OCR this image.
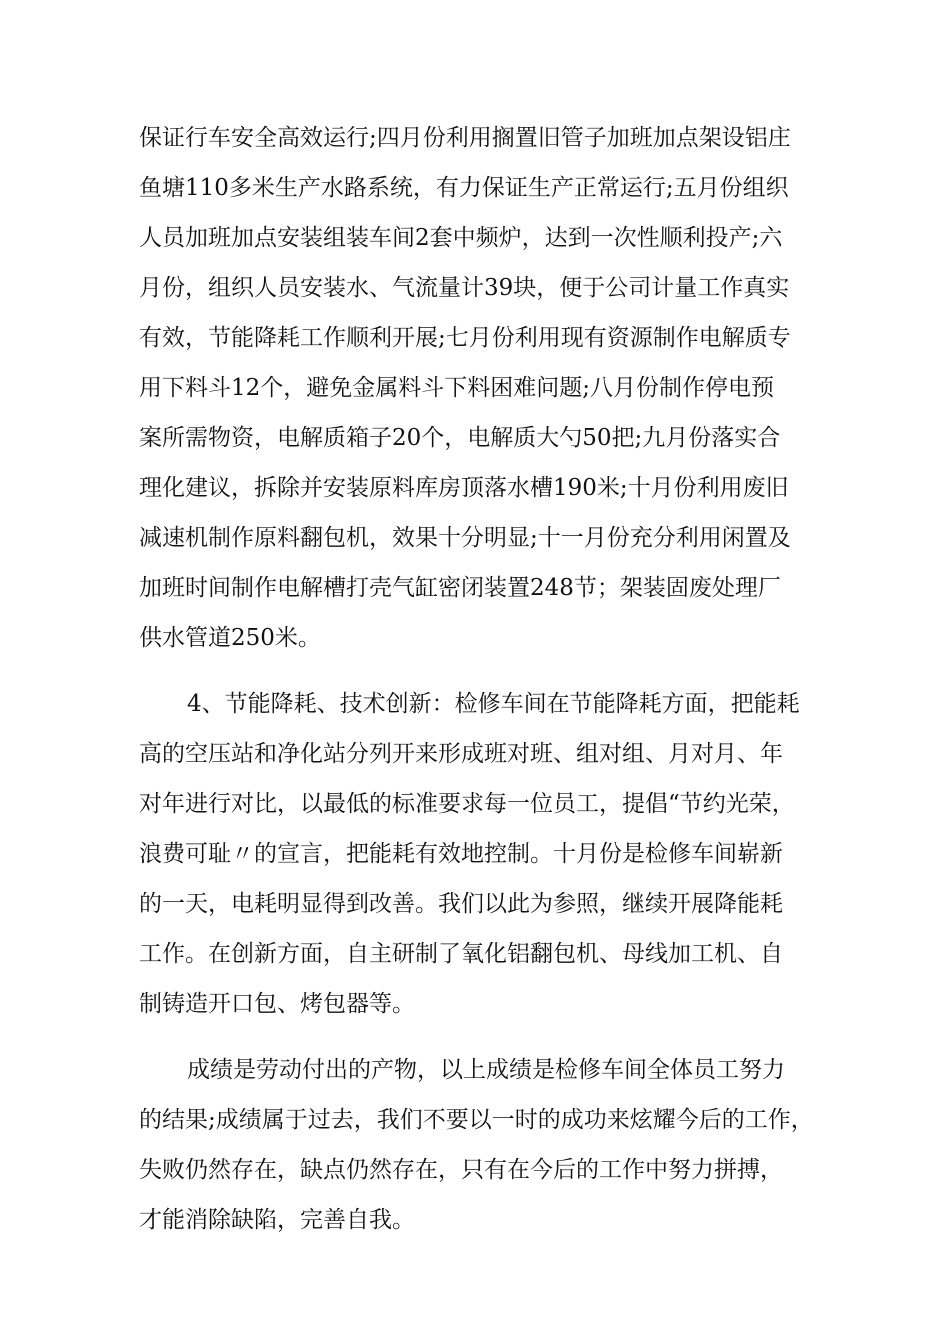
保证行车安全高效运行;四月份利用搁置旧管子加班加点架设铝庄
鱼塘110多米生产水路系统，有力保证生产正常运行;五月份组织
人员加班加点安装组装车间2套中频炉，达到一次性顺利投产;六
月份，组织人员安装水、气流量计39块，便于公司计量工作真实
有效，节能降耗工作顺利开展;七月份利用现有资源制作电解质专
用下料斗12个，避免金属料斗下料困难问题;八月份制作停电预
案所需物资，电解质箱子20个，电解质大勺50把;九月份落实合
理化建议，拆除并安装原料库房顶落水槽190米;十月份利用废旧
减速机制作原料翻包机，效果十分明显;十一月份充分利用闲置及
加班时间制作电解槽打壳气缸密闭装置248节；架装固废处理厂
供水管道250米。
4、节能降耗、技术创新：检修车间在节能降耗方面，把能耗
高的空压站和净化站分列开来形成班对班、组对组、月对月、年
对年进行对比，以最低的标准要求每一位员工，提倡“节约光荣，
浪费可耻〃的宣言，把能耗有效地控制。十月份是检修车间崭新
的一天，电耗明显得到改善。我们以此为参照，继续开展降能耗
工作。在创新方面，自主研制了氧化铝翻包机、母线加工机、自
制铸造开口包、烤包器等。
成绩是劳动付出的产物，以上成绩是检修车间全体员工努力
的结果;成绩属于过去，我们不要以一时的成功来炫耀今后的工作，
失败仍然存在，缺点仍然存在，只有在今后的工作中努力拼搏，
才能消除缺陷，完善自我。
